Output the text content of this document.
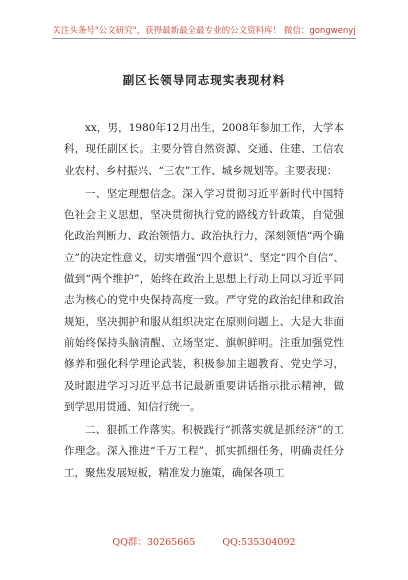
关注头条号"公文研究"，获得最新最全最专业的公文资料库！ 微信：gongwenyj
副区长领导同志现实表现材料

xx，男，1980年12月出生，2008年参加工作，大学本科，现任副区长。主要分管自然资源、交通、住建、工信农业农村、乡村振兴、“三农”工作、城乡规划等。主要表现：

一、坚定理想信念。深入学习贯彻习近平新时代中国特色社会主义思想，坚决贯彻执行党的路线方针政策，自觉强化政治判断力、政治领悟力、政治执行力，深刻领悟“两个确立”的决定性意义，切实增强“四个意识”、坚定“四个自信”、做到“两个维护”，始终在政治上思想上行动上同以习近平同志为核心的党中央保持高度一致。严守党的政治纪律和政治规矩，坚决拥护和服从组织决定在原则问题上、大是大非面前始终保持头脑清醒、立场坚定、旗帜鲜明。注重加强党性修养和强化科学理论武装，积极参加主题教育、党史学习，及时跟进学习习近平总书记最新重要讲话指示批示精神，做到学思用贯通、知信行统一。

二、狠抓工作落实。积极践行“抓落实就是抓经济”的工作理念。深入推进“千万工程”，抓实抓细任务，明确责任分工，聚焦发展短板，精准发力施策，确保各项工

QQ群：30265665	QQ:535304092
